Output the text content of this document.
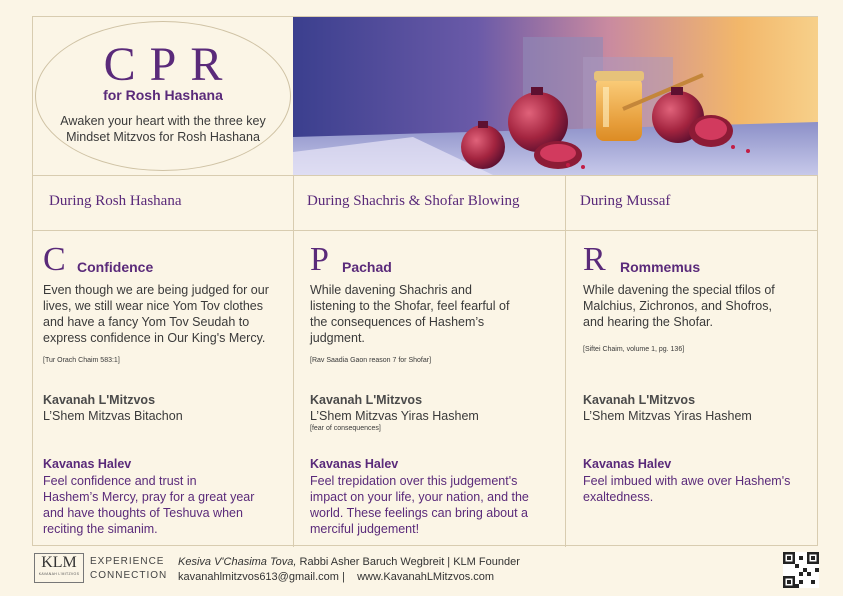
CPR
for Rosh Hashana
Awaken your heart with the three key
Mindset Mitzvos for Rosh Hashana
During Rosh Hashana	During Shachris & Shofar Blowing	During Mussaf
C Confidence
Even though we are being judged for our
lives, we still wear nice Yom Tov clothes
and have a fancy Yom Tov Seudah to
express confidence in Our King's Mercy.
[Tur Orach Chaim 583:1]
Kavanah L'Mitzvos
L’Shem Mitzvas Bitachon
Kavanas Halev
Feel confidence and trust in
Hashem’s Mercy, pray for a great year
and have thoughts of Teshuva when
reciting the simanim.
P Pachad
While davening Shachris and
listening to the Shofar, feel fearful of
the consequences of Hashem’s
judgment.
[Rav Saadia Gaon reason 7 for Shofar]
Kavanah L'Mitzvos
L’Shem Mitzvas Yiras Hashem
[fear of consequences]
Kavanas Halev
Feel trepidation over this judgement's
impact on your life, your nation, and the
world. These feelings can bring about a
merciful judgement!
R Rommemus
While davening the special tfilos of
Malchius, Zichronos, and Shofros,
and hearing the Shofar.
[Siftei Chaim, volume 1, pg. 136]
Kavanah L'Mitzvos
L’Shem Mitzvas Yiras Hashem
Kavanas Halev
Feel imbued with awe over Hashem's
exaltedness.
KLM
KAVANAH L'MITZVOS
EXPERIENCE
CONNECTION
Kesiva V'Chasima Tova, Rabbi Asher Baruch Wegbreit | KLM Founder
kavanahlmitzvos613@gmail.com |    www.KavanahLMitzvos.com
